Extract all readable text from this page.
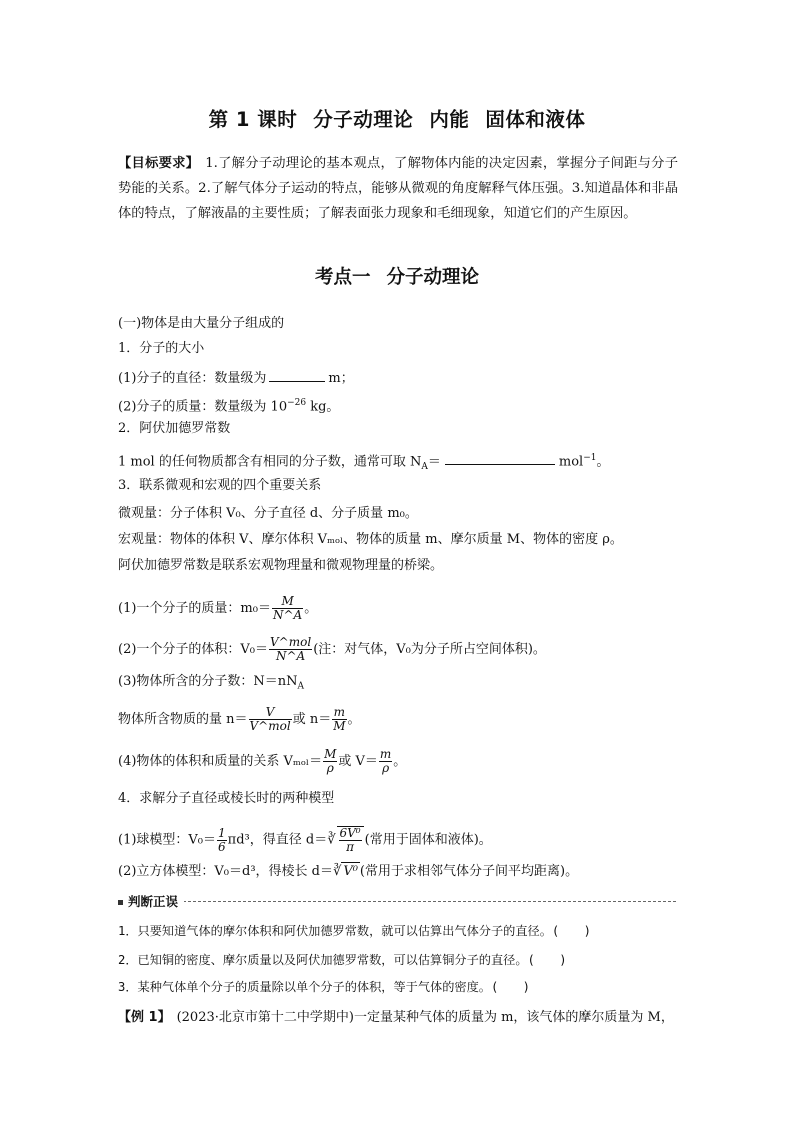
第 1 课时 分子动理论 内能 固体和液体
【目标要求】 1.了解分子动理论的基本观点，了解物体内能的决定因素，掌握分子间距与分子势能的关系。2.了解气体分子运动的特点，能够从微观的角度解释气体压强。3.知道晶体和非晶体的特点，了解液晶的主要性质；了解表面张力现象和毛细现象，知道它们的产生原因。
考点一 分子动理论
(一)物体是由大量分子组成的
1．分子的大小
(1)分子的直径：数量级为	m；
(2)分子的质量：数量级为 $10^{-26}$ kg。
2．阿伏加德罗常数
1 mol 的任何物质都含有相同的分子数，通常可取 $N_A=$	mol$^{-1}$。
3．联系微观和宏观的四个重要关系
微观量：分子体积 V₀、分子直径 d、分子质量 m₀。
宏观量：物体的体积 V、摩尔体积 Vₘₒₗ、物体的质量 m、摩尔质量 M、物体的密度 ρ。
阿伏加德罗常数是联系宏观物理量和微观物理量的桥梁。
(1)一个分子的质量：$m_0= \frac{M}{N\^{}A}$ 。
(2)一个分子的体积：$V_0= \frac{\text{V\textasciicircum{}mol}}{N\^{}A}$ (注：对气体，V₀为分子所占空间体积)。
(3)物体所含的分子数：$N=nN_A$
物体所含物质的量 $n= \frac{V}{\text{V\textasciicircum{}mol}}$ 或 $n= \frac{m}{M}$ 。
(4)物体的体积和质量的关系 $V_{mol}= \frac{M}{\rho}$ 或 $V= \frac{m}{\rho}$ 。
4．求解分子直径或棱长时的两种模型
(1)球模型：$V_0= \frac{1}{6} \pi d^3$，得直径 d＝∛ $\frac{\text{6V⁰}}{\pi}$ (常用于固体和液体)。
(2)立方体模型：V₀＝d³，得棱长 d＝∛ V⁰ (常用于求相邻气体分子间平均距离)。
判断正误
1．只要知道气体的摩尔体积和阿伏加德罗常数，就可以估算出气体分子的直径。(　　)
2．已知铜的密度、摩尔质量以及阿伏加德罗常数，可以估算铜分子的直径。(　　)
3．某种气体单个分子的质量除以单个分子的体积，等于气体的密度。(　　)
【例 1】 (2023·北京市第十二中学期中)一定量某种气体的质量为 m，该气体的摩尔质量为 M，
